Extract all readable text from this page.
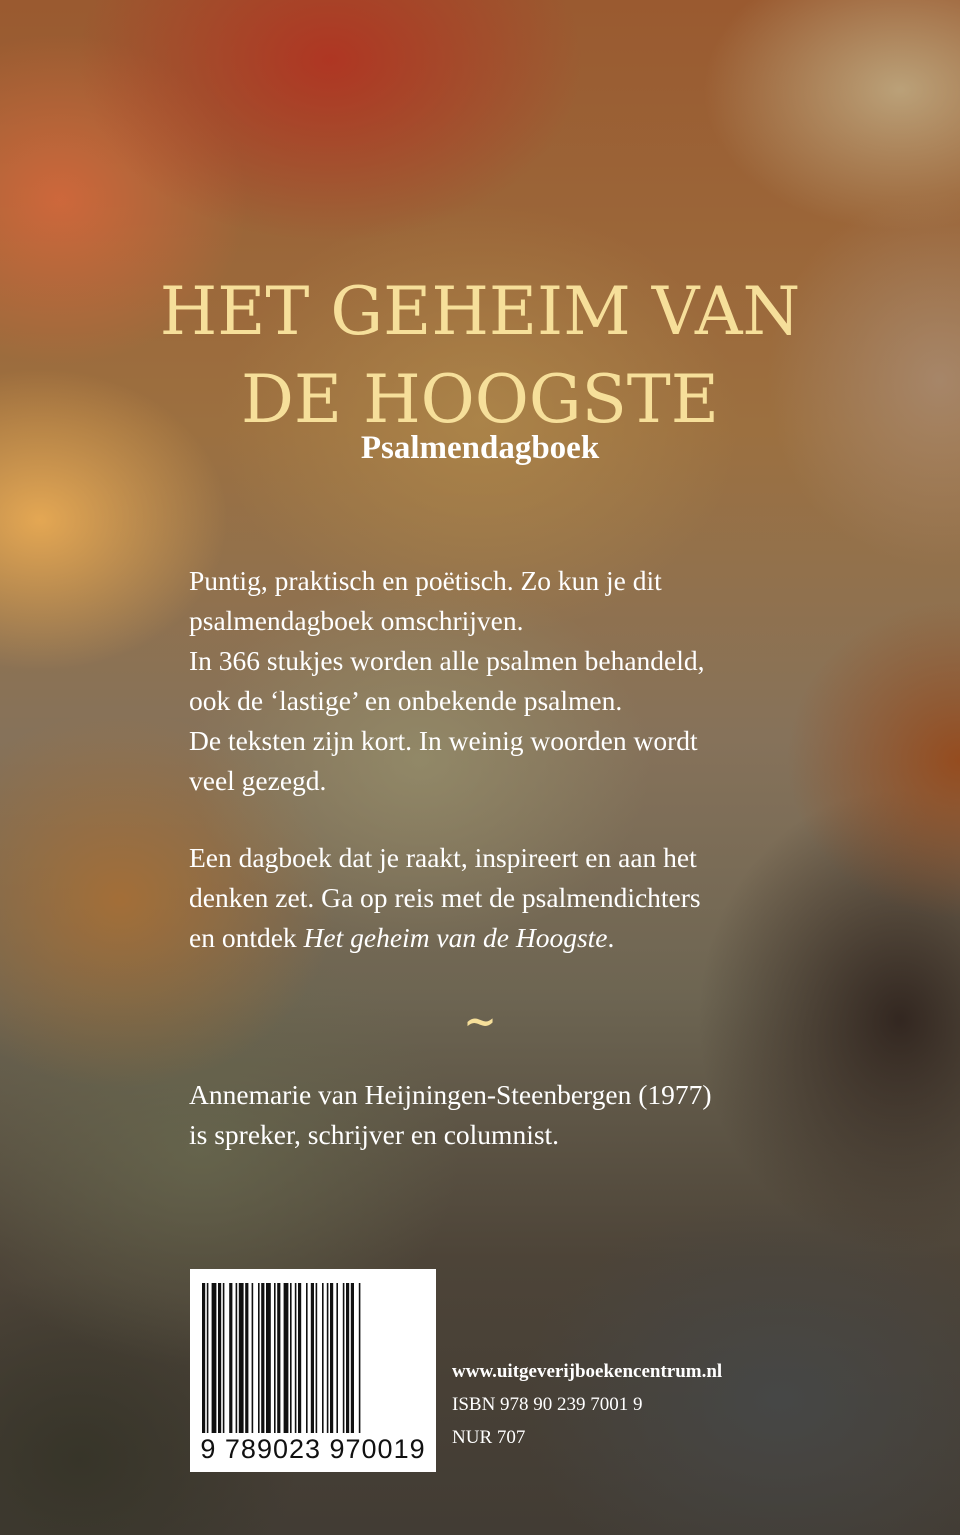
HET GEHEIM VAN
DE HOOGSTE
Psalmendagboek

Puntig, praktisch en poëtisch. Zo kun je dit

psalmendagboek omschrijven.

In 366 stukjes worden alle psalmen behandeld,

ook de ‘lastige’ en onbekende psalmen.

De teksten zijn kort. In weinig woorden wordt

veel gezegd.

Een dagboek dat je raakt, inspireert en aan het

denken zet. Ga op reis met de psalmendichters

en ontdek Het geheim van de Hoogste.

~
Annemarie van Heijningen-Steenbergen (1977)
is spreker, schrijver en columnist.
9 789023 970019
www.uitgeverijboekencentrum.nl
ISBN 978 90 239 7001 9
NUR 707
